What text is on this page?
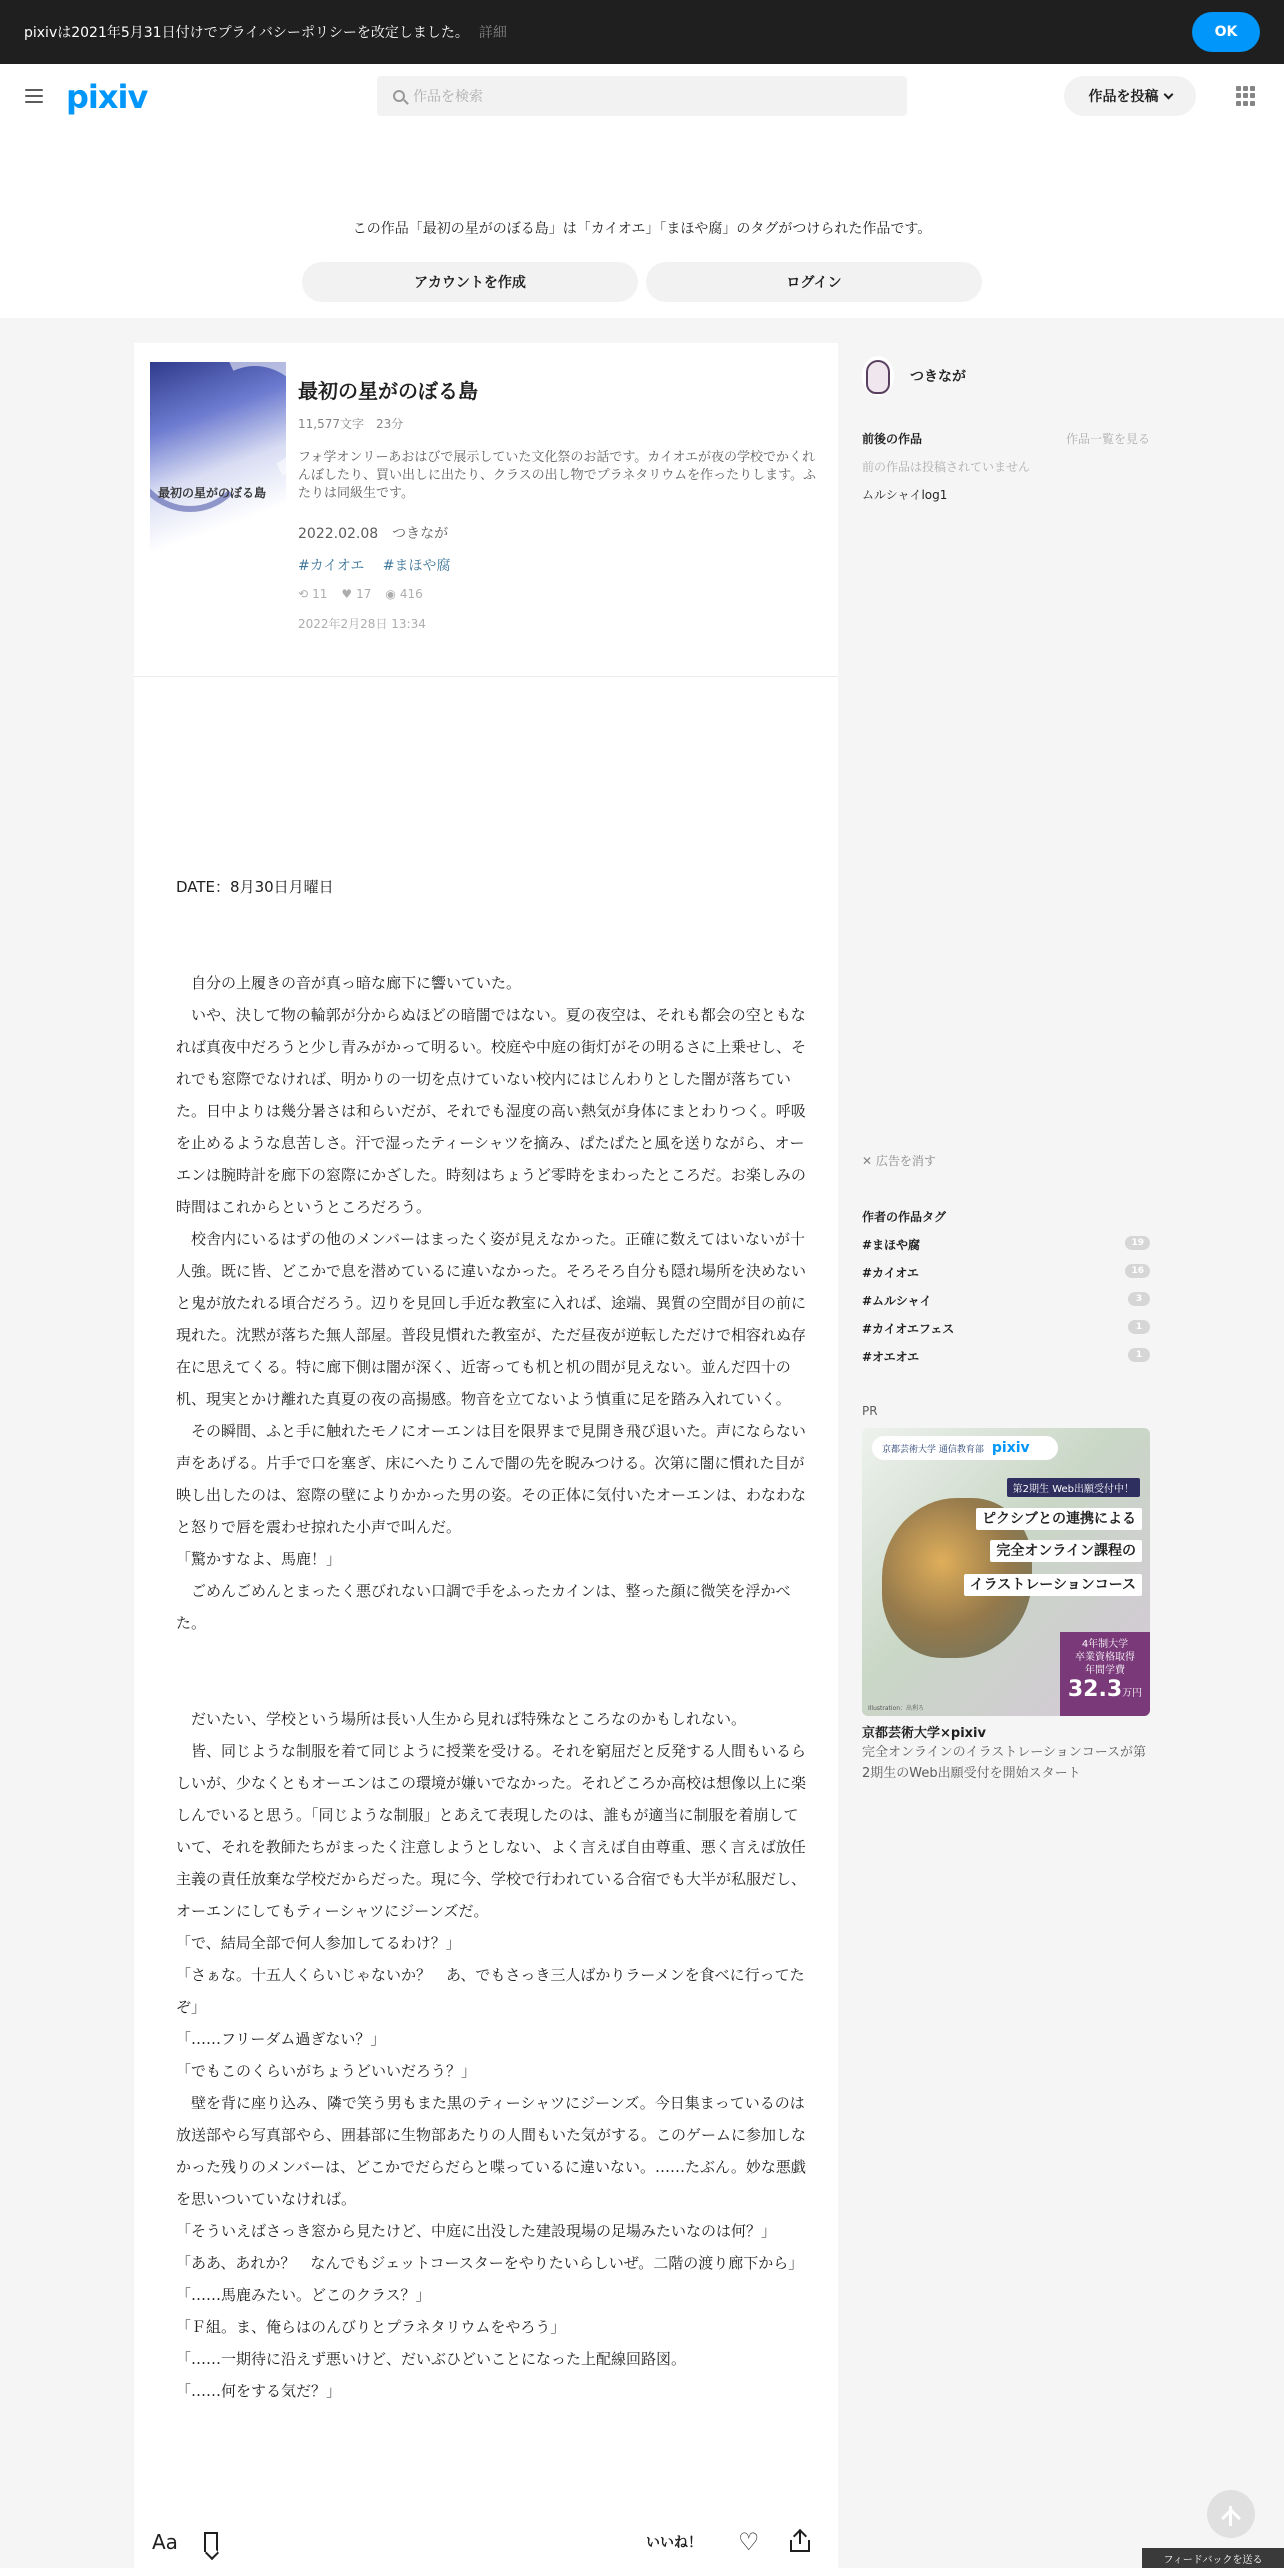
pixivは2021年5月31日付けでプライバシーポリシーを改定しました。 詳細	OK
pixiv	作品を検索	作品を投稿
この作品「最初の星がのぼる島」は「カイオエ」「まほや腐」のタグがつけられた作品です。
アカウントを作成	ログイン
最初の星がのぼる島
最初の星がのぼる島
11,577文字　23分
フォ学オンリーあおはびで展示していた文化祭のお話です。カイオエが夜の学校でかくれんぼしたり、買い出しに出たり、クラスの出し物でプラネタリウムを作ったりします。ふたりは同級生です。
2022.02.08　つきなが
#カイオエ #まほや腐
⟲ 11 ♥ 17 ◉ 416
2022年2月28日 13:34

DATE：8月30日月曜日

　自分の上履きの音が真っ暗な廊下に響いていた。

　いや、決して物の輪郭が分からぬほどの暗闇ではない。夏の夜空は、それも都会の空ともなれば真夜中だろうと少し青みがかって明るい。校庭や中庭の街灯がその明るさに上乗せし、それでも窓際でなければ、明かりの一切を点けていない校内にはじんわりとした闇が落ちていた。日中よりは幾分暑さは和らいだが、それでも湿度の高い熱気が身体にまとわりつく。呼吸を止めるような息苦しさ。汗で湿ったティーシャツを摘み、ぱたぱたと風を送りながら、オーエンは腕時計を廊下の窓際にかざした。時刻はちょうど零時をまわったところだ。お楽しみの時間はこれからというところだろう。

　校舎内にいるはずの他のメンバーはまったく姿が見えなかった。正確に数えてはいないが十人強。既に皆、どこかで息を潜めているに違いなかった。そろそろ自分も隠れ場所を決めないと鬼が放たれる頃合だろう。辺りを見回し手近な教室に入れば、途端、異質の空間が目の前に現れた。沈黙が落ちた無人部屋。普段見慣れた教室が、ただ昼夜が逆転しただけで相容れぬ存在に思えてくる。特に廊下側は闇が深く、近寄っても机と机の間が見えない。並んだ四十の机、現実とかけ離れた真夏の夜の高揚感。物音を立てないよう慎重に足を踏み入れていく。

　その瞬間、ふと手に触れたモノにオーエンは目を限界まで見開き飛び退いた。声にならない声をあげる。片手で口を塞ぎ、床にへたりこんで闇の先を睨みつける。次第に闇に慣れた目が映し出したのは、窓際の壁によりかかった男の姿。その正体に気付いたオーエンは、わなわなと怒りで唇を震わせ掠れた小声で叫んだ。

「驚かすなよ、馬鹿！」

　ごめんごめんとまったく悪びれない口調で手をふったカインは、整った顔に微笑を浮かべた。

　だいたい、学校という場所は長い人生から見れば特殊なところなのかもしれない。

　皆、同じような制服を着て同じように授業を受ける。それを窮屈だと反発する人間もいるらしいが、少なくともオーエンはこの環境が嫌いでなかった。それどころか高校は想像以上に楽しんでいると思う。「同じような制服」とあえて表現したのは、誰もが適当に制服を着崩していて、それを教師たちがまったく注意しようとしない、よく言えば自由尊重、悪く言えば放任主義の責任放棄な学校だからだった。現に今、学校で行われている合宿でも大半が私服だし、オーエンにしてもティーシャツにジーンズだ。

「で、結局全部で何人参加してるわけ？」

「さぁな。十五人くらいじゃないか？　あ、でもさっき三人ばかりラーメンを食べに行ってたぞ」

「……フリーダム過ぎない？」

「でもこのくらいがちょうどいいだろう？」

　壁を背に座り込み、隣で笑う男もまた黒のティーシャツにジーンズ。今日集まっているのは放送部やら写真部やら、囲碁部に生物部あたりの人間もいた気がする。このゲームに参加しなかった残りのメンバーは、どこかでだらだらと喋っているに違いない。……たぶん。妙な悪戯を思いついていなければ。

「そういえばさっき窓から見たけど、中庭に出没した建設現場の足場みたいなのは何？」

「ああ、あれか？　なんでもジェットコースターをやりたいらしいぜ。二階の渡り廊下から」

「……馬鹿みたい。どこのクラス？」

「Ｆ組。ま、俺らはのんびりとプラネタリウムをやろう」

「……一期待に沿えず悪いけど、だいぶひどいことになった上配線回路図。

「……何をする気だ？」

Aa	いいね！ ♡
つきなが
前後の作品	作品一覧を見る
前の作品は投稿されていません
ムルシャイlog1
✕ 広告を消す
作者の作品タグ
#まほや腐	19
#カイオエ	16
#ムルシャイ	3
#カイオエフェス	1
#オエオエ	1
PR
京都芸術大学 通信教育部 pixiv
第2期生 Web出願受付中！
ピクシブとの連携による
完全オンライン課程の
イラストレーションコース
4年制大学
卒業資格取得
年間学費
32.3万円
Illustration：出利ろ
京都芸術大学×pixiv
完全オンラインのイラストレーションコースが第2期生のWeb出願受付を開始スタート
フィードバックを送る
